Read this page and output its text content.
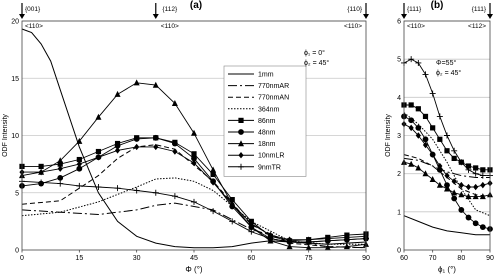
1mm
770nmAR
770nmAN
364nm
86nm
48nm
18nm
10nmLR
9nmTR
0	15	30	45	60	75	90
0
5
10
15
20
Φ (°)
ODF Intensity
(a)
{001}
<110>
{112}
<110>
{110}
<110>
ϕ₁ = 0°
ϕ₂ = 45°
60	70	80	90
0
1
2
3
4
5
6
ϕ₁ (°)
ODF Intensity
(b)
{111}
<110>
{111}
<112>
Φ=55°
ϕ₂ = 45°
